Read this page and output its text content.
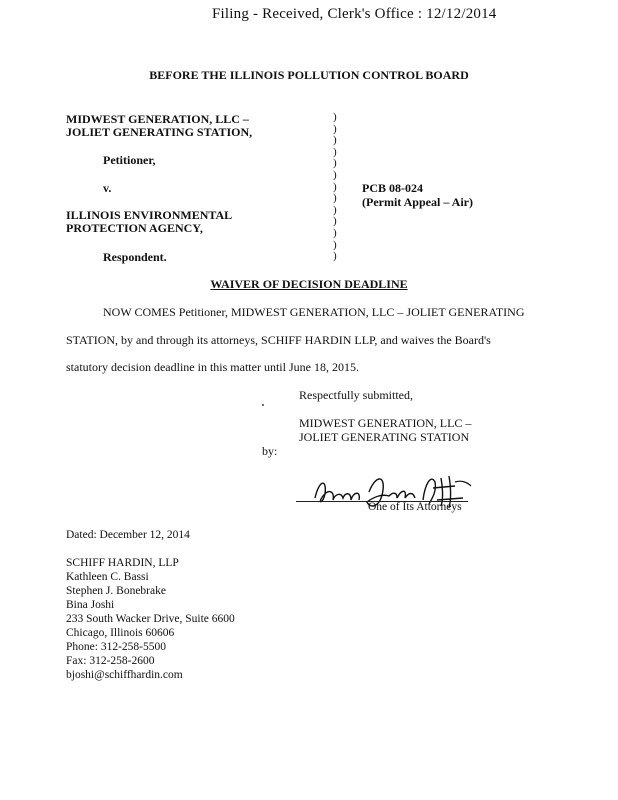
Filing - Received, Clerk's Office : 12/12/2014
BEFORE THE ILLINOIS POLLUTION CONTROL BOARD
MIDWEST GENERATION, LLC –
JOLIET GENERATING STATION,
Petitioner,
v.
ILLINOIS ENVIRONMENTAL
PROTECTION AGENCY,
Respondent.
)
)
)
)
)
)
)
)
)
)
)
)
)
PCB 08-024
(Permit Appeal – Air)
WAIVER OF DECISION DEADLINE
NOW COMES Petitioner, MIDWEST GENERATION, LLC – JOLIET GENERATING
STATION, by and through its attorneys, SCHIFF HARDIN LLP, and waives the Board's
statutory decision deadline in this matter until June 18, 2015.
Respectfully submitted,
MIDWEST GENERATION, LLC –
JOLIET GENERATING STATION
by:
One of Its Attorneys
Dated: December 12, 2014
SCHIFF HARDIN, LLP
Kathleen C. Bassi
Stephen J. Bonebrake
Bina Joshi
233 South Wacker Drive, Suite 6600
Chicago, Illinois 60606
Phone: 312-258-5500
Fax: 312-258-2600
bjoshi@schiffhardin.com
